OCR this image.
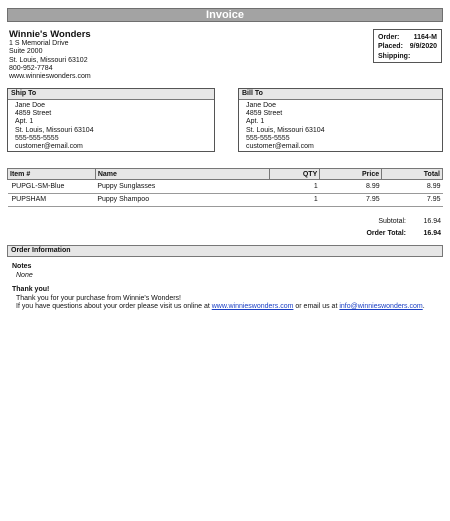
Invoice
Winnie's Wonders
1 S Memorial Drive
Suite 2000
St. Louis, Missouri 63102
800-952-7784
www.winnieswonders.com
Order: 1164-M
Placed: 9/9/2020
Shipping:
Ship To
Jane Doe
4859 Street
Apt. 1
St. Louis, Missouri 63104
555-555-5555
customer@email.com
Bill To
Jane Doe
4859 Street
Apt. 1
St. Louis, Missouri 63104
555-555-5555
customer@email.com
Item #	Name	QTY	Price	Total
PUPGL-SM-Blue	Puppy Sunglasses	1	8.99	8.99
PUPSHAM	Puppy Shampoo	1	7.95	7.95
Subtotal:	16.94
Order Total:	16.94
Order Information
Notes
None
Thank you!
Thank you for your purchase from Winnie's Wonders!
If you have questions about your order please visit us online at www.winnieswonders.com or email us at info@winnieswonders.com.
